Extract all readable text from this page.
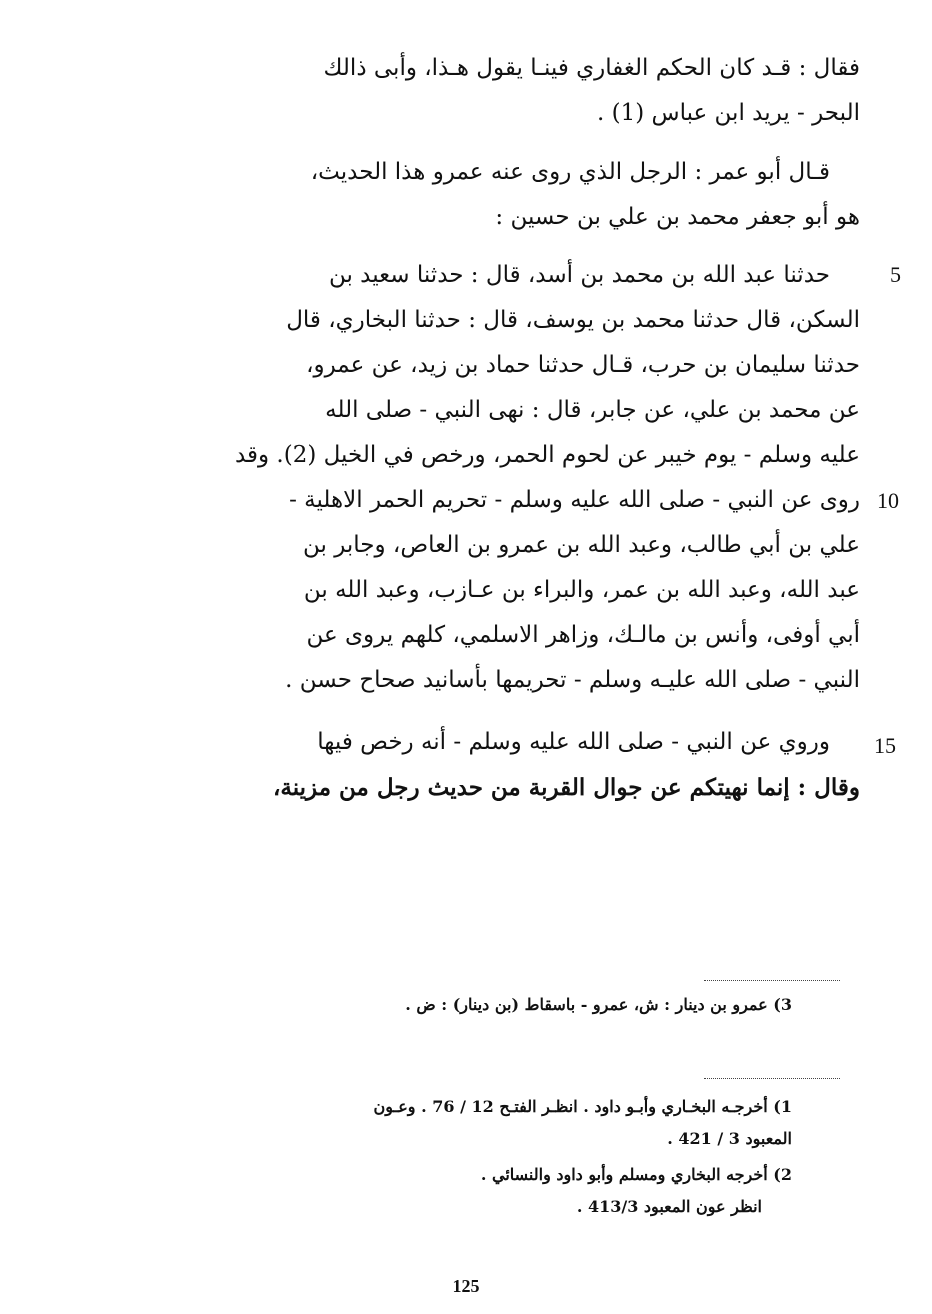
فقال : قـد كان الحكم الغفاري فينـا يقول هـذا، وأبى ذالك
البحر - يريد ابن عباس (1) .
قـال أبو عمر : الرجل الذي روى عنه عمرو هذا الحديث،
هو أبو جعفر محمد بن علي بن حسين :
حدثنا عبد الله بن محمد بن أسد، قال : حدثنا سعيد بن
السكن، قال حدثنا محمد بن يوسف، قال : حدثنا البخاري، قال
حدثنا سليمان بن حرب، قـال حدثنا حماد بن زيد، عن عمرو،
عن محمد بن علي، عن جابر، قال : نهى النبي - صلى الله
عليه وسلم - يوم خيبر عن لحوم الحمر، ورخص في الخيل (2). وقد
روى عن النبي - صلى الله عليه وسلم - تحريم الحمر الاهلية -
علي بن أبي طالب، وعبد الله بن عمرو بن العاص، وجابر بن
عبد الله، وعبد الله بن عمر، والبراء بن عـازب، وعبد الله بن
أبي أوفى، وأنس بن مالـك، وزاهر الاسلمي، كلهم يروى عن
النبي - صلى الله عليـه وسلم - تحريمها بأسانيد صحاح حسن .
وروي عن النبي - صلى الله عليه وسلم - أنه رخص فيها
وقال : إنما نهيتكم عن جوال القربة من حديث رجل من مزينة،
5
10
15
3) عمرو بن دينار : ش، عمرو - باسقاط (بن دينار) : ض .
1) أخرجـه البخـاري وأبـو داود . انظـر الفتـح 12 / 76 . وعـون
المعبود 3 / 421 .
2) أخرجه البخاري ومسلم وأبو داود والنسائي .
انظر عون المعبود 413/3 .
125
